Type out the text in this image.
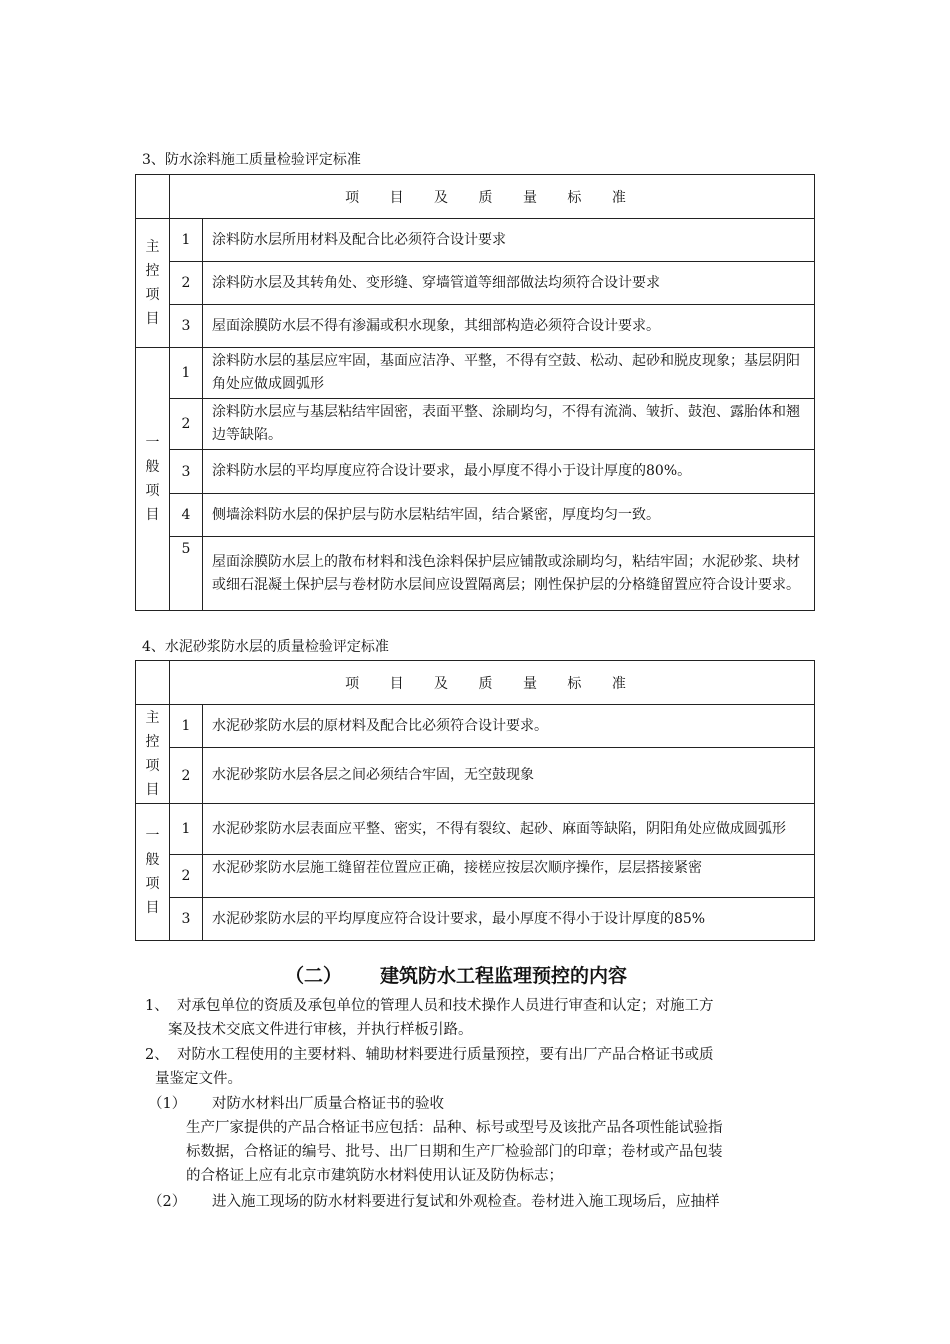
3、防水涂料施工质量检验评定标准
	项 目 及 质 量 标 准	
主
控
项
目	1	涂料防水层所用材料及配合比必须符合设计要求
	2	涂料防水层及其转角处、变形缝、穿墙管道等细部做法均须符合设计要求
	3	屋面涂膜防水层不得有渗漏或积水现象，其细部构造必须符合设计要求。
一
般
项
目	1	涂料防水层的基层应牢固，基面应洁净、平整，不得有空鼓、松动、起砂和脱皮现象；基层阴阳角处应做成圆弧形
	2	涂料防水层应与基层粘结牢固密，表面平整、涂刷均匀，不得有流淌、皱折、鼓泡、露胎体和翘边等缺陷。
	3	涂料防水层的平均厚度应符合设计要求，最小厚度不得小于设计厚度的80%。
	4	侧墙涂料防水层的保护层与防水层粘结牢固，结合紧密，厚度均匀一致。
	5	屋面涂膜防水层上的散布材料和浅色涂料保护层应铺散或涂刷均匀，粘结牢固；水泥砂浆、块材或细石混凝土保护层与卷材防水层间应设置隔离层；刚性保护层的分格缝留置应符合设计要求。
4、水泥砂浆防水层的质量检验评定标准
	项 目 及 质 量 标 准	
主
控
项
目	1	水泥砂浆防水层的原材料及配合比必须符合设计要求。
	2	水泥砂浆防水层各层之间必须结合牢固，无空鼓现象
一
般
项
目	1	水泥砂浆防水层表面应平整、密实，不得有裂纹、起砂、麻面等缺陷，阴阳角处应做成圆弧形
	2	水泥砂浆防水层施工缝留茬位置应正确，接槎应按层次顺序操作，层层搭接紧密
	3	水泥砂浆防水层的平均厚度应符合设计要求，最小厚度不得小于设计厚度的85%
（二） 建筑防水工程监理预控的内容
1、 对承包单位的资质及承包单位的管理人员和技术操作人员进行审查和认定；对施工方
案及技术交底文件进行审核，并执行样板引路。
2、 对防水工程使用的主要材料、辅助材料要进行质量预控，要有出厂产品合格证书或质
量鉴定文件。
（1） 对防水材料出厂质量合格证书的验收
生产厂家提供的产品合格证书应包括：品种、标号或型号及该批产品各项性能试验指
标数据，合格证的编号、批号、出厂日期和生产厂检验部门的印章；卷材或产品包装
的合格证上应有北京市建筑防水材料使用认证及防伪标志；
（2） 进入施工现场的防水材料要进行复试和外观检查。卷材进入施工现场后，应抽样
